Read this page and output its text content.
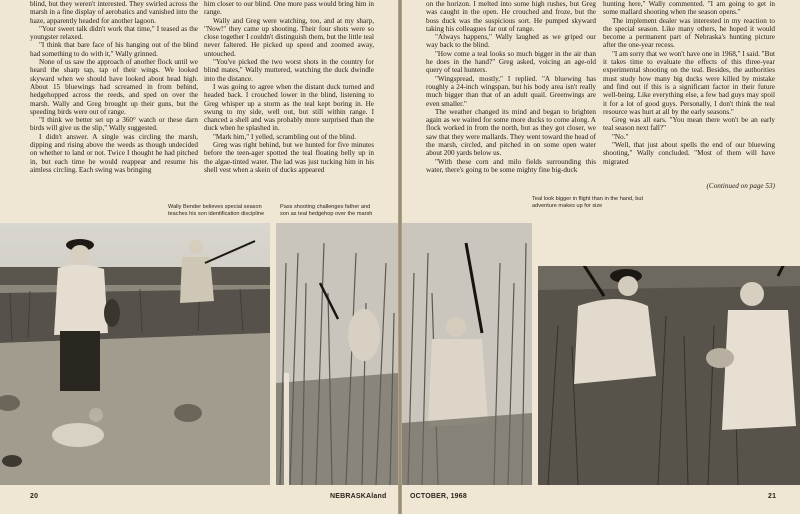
blind, but they weren't interested. They swirled across the marsh in a fine display of aerobatics and vanished into the haze, apparently headed for another lagoon.

"Your sweet talk didn't work that time," I teased as the youngster relaxed.

"I think that bare face of his hanging out of the blind had something to do with it," Wally grinned.

None of us saw the approach of another flock until we heard the sharp tap, tap of their wings. We looked skyward when we should have looked about head high. About 15 bluewings had screamed in from behind, hedgehopped across the reeds, and sped on over the marsh. Wally and Greg brought up their guns, but the speeding birds were out of range.

"I think we better set up a 360° watch or these darn birds will give us the slip," Wally suggested.

I didn't answer. A single was circling the marsh, dipping and rising above the weeds as though undecided on whether to land or not. Twice I thought he had pitched in, but each time he would reappear and resume his aimless circling. Each swing was bringing

him closer to our blind. One more pass would bring him in range.

Wally and Greg were watching, too, and at my sharp, "Now!" they came up shooting. Their four shots were so close together I couldn't distinguish them, but the little teal never faltered. He picked up speed and zoomed away, untouched.

"You've picked the two worst shots in the country for blind mates," Wally muttered, watching the duck dwindle into the distance.

I was going to agree when the distant duck turned and headed back. I crouched lower in the blind, listening to Greg whisper up a storm as the teal kept boring in. He swung to my side, well out, but still within range. I chanced a shell and was probably more surprised than the duck when he splashed in.

"Mark him," I yelled, scrambling out of the blind.

Greg was right behind, but we hunted for five minutes before the teen-ager spotted the teal floating belly up in the algae-tinted water. The lad was just tucking him in his shell vest when a skein of ducks appeared

Wally Bender believes special season teaches his son identification discipline
Pass shooting challenges father and son as teal hedgehop over the marsh
20	NEBRASKAland

on the horizon. I melted into some high rushes, but Greg was caught in the open. He crouched and froze, but the boss duck was the suspicious sort. He pumped skyward taking his colleagues far out of range.

"Always happens," Wally laughed as we griped our way back to the blind.

"How come a teal looks so much bigger in the air than he does in the hand?" Greg asked, voicing an age-old query of teal hunters.

"Wingspread, mostly," I replied. "A bluewing has roughly a 24-inch wingspan, but his body area isn't really much bigger than that of an adult quail. Greenwings are even smaller."

The weather changed its mind and began to brighten again as we waited for some more ducks to come along. A flock worked in from the north, but as they got closer, we saw that they were mallards. They went toward the head of the marsh, circled, and pitched in on some open water about 200 yards below us.

"With these corn and milo fields surrounding this water, there's going to be some mighty fine big-duck

hunting here," Wally commented. "I am going to get in some mallard shooting when the season opens."

The implement dealer was interested in my reaction to the special season. Like many others, he hoped it would become a permanent part of Nebraska's hunting picture after the one-year recess.

"I am sorry that we won't have one in 1968," I said. "But it takes time to evaluate the effects of this three-year experimental shooting on the teal. Besides, the authorities must study how many big ducks were killed by mistake and find out if this is a significant factor in their future well-being. Like everything else, a few bad guys may spoil it for a lot of good guys. Personally, I don't think the teal resource was hurt at all by the early seasons."

Greg was all ears. "You mean there won't be an early teal season next fall?"

"No."

"Well, that just about spells the end of our bluewing shooting," Wally concluded. "Most of them will have migrated

(Continued on page 53)
Teal look bigger in flight than in the hand, but adventure makes up for size
OCTOBER, 1968	21
